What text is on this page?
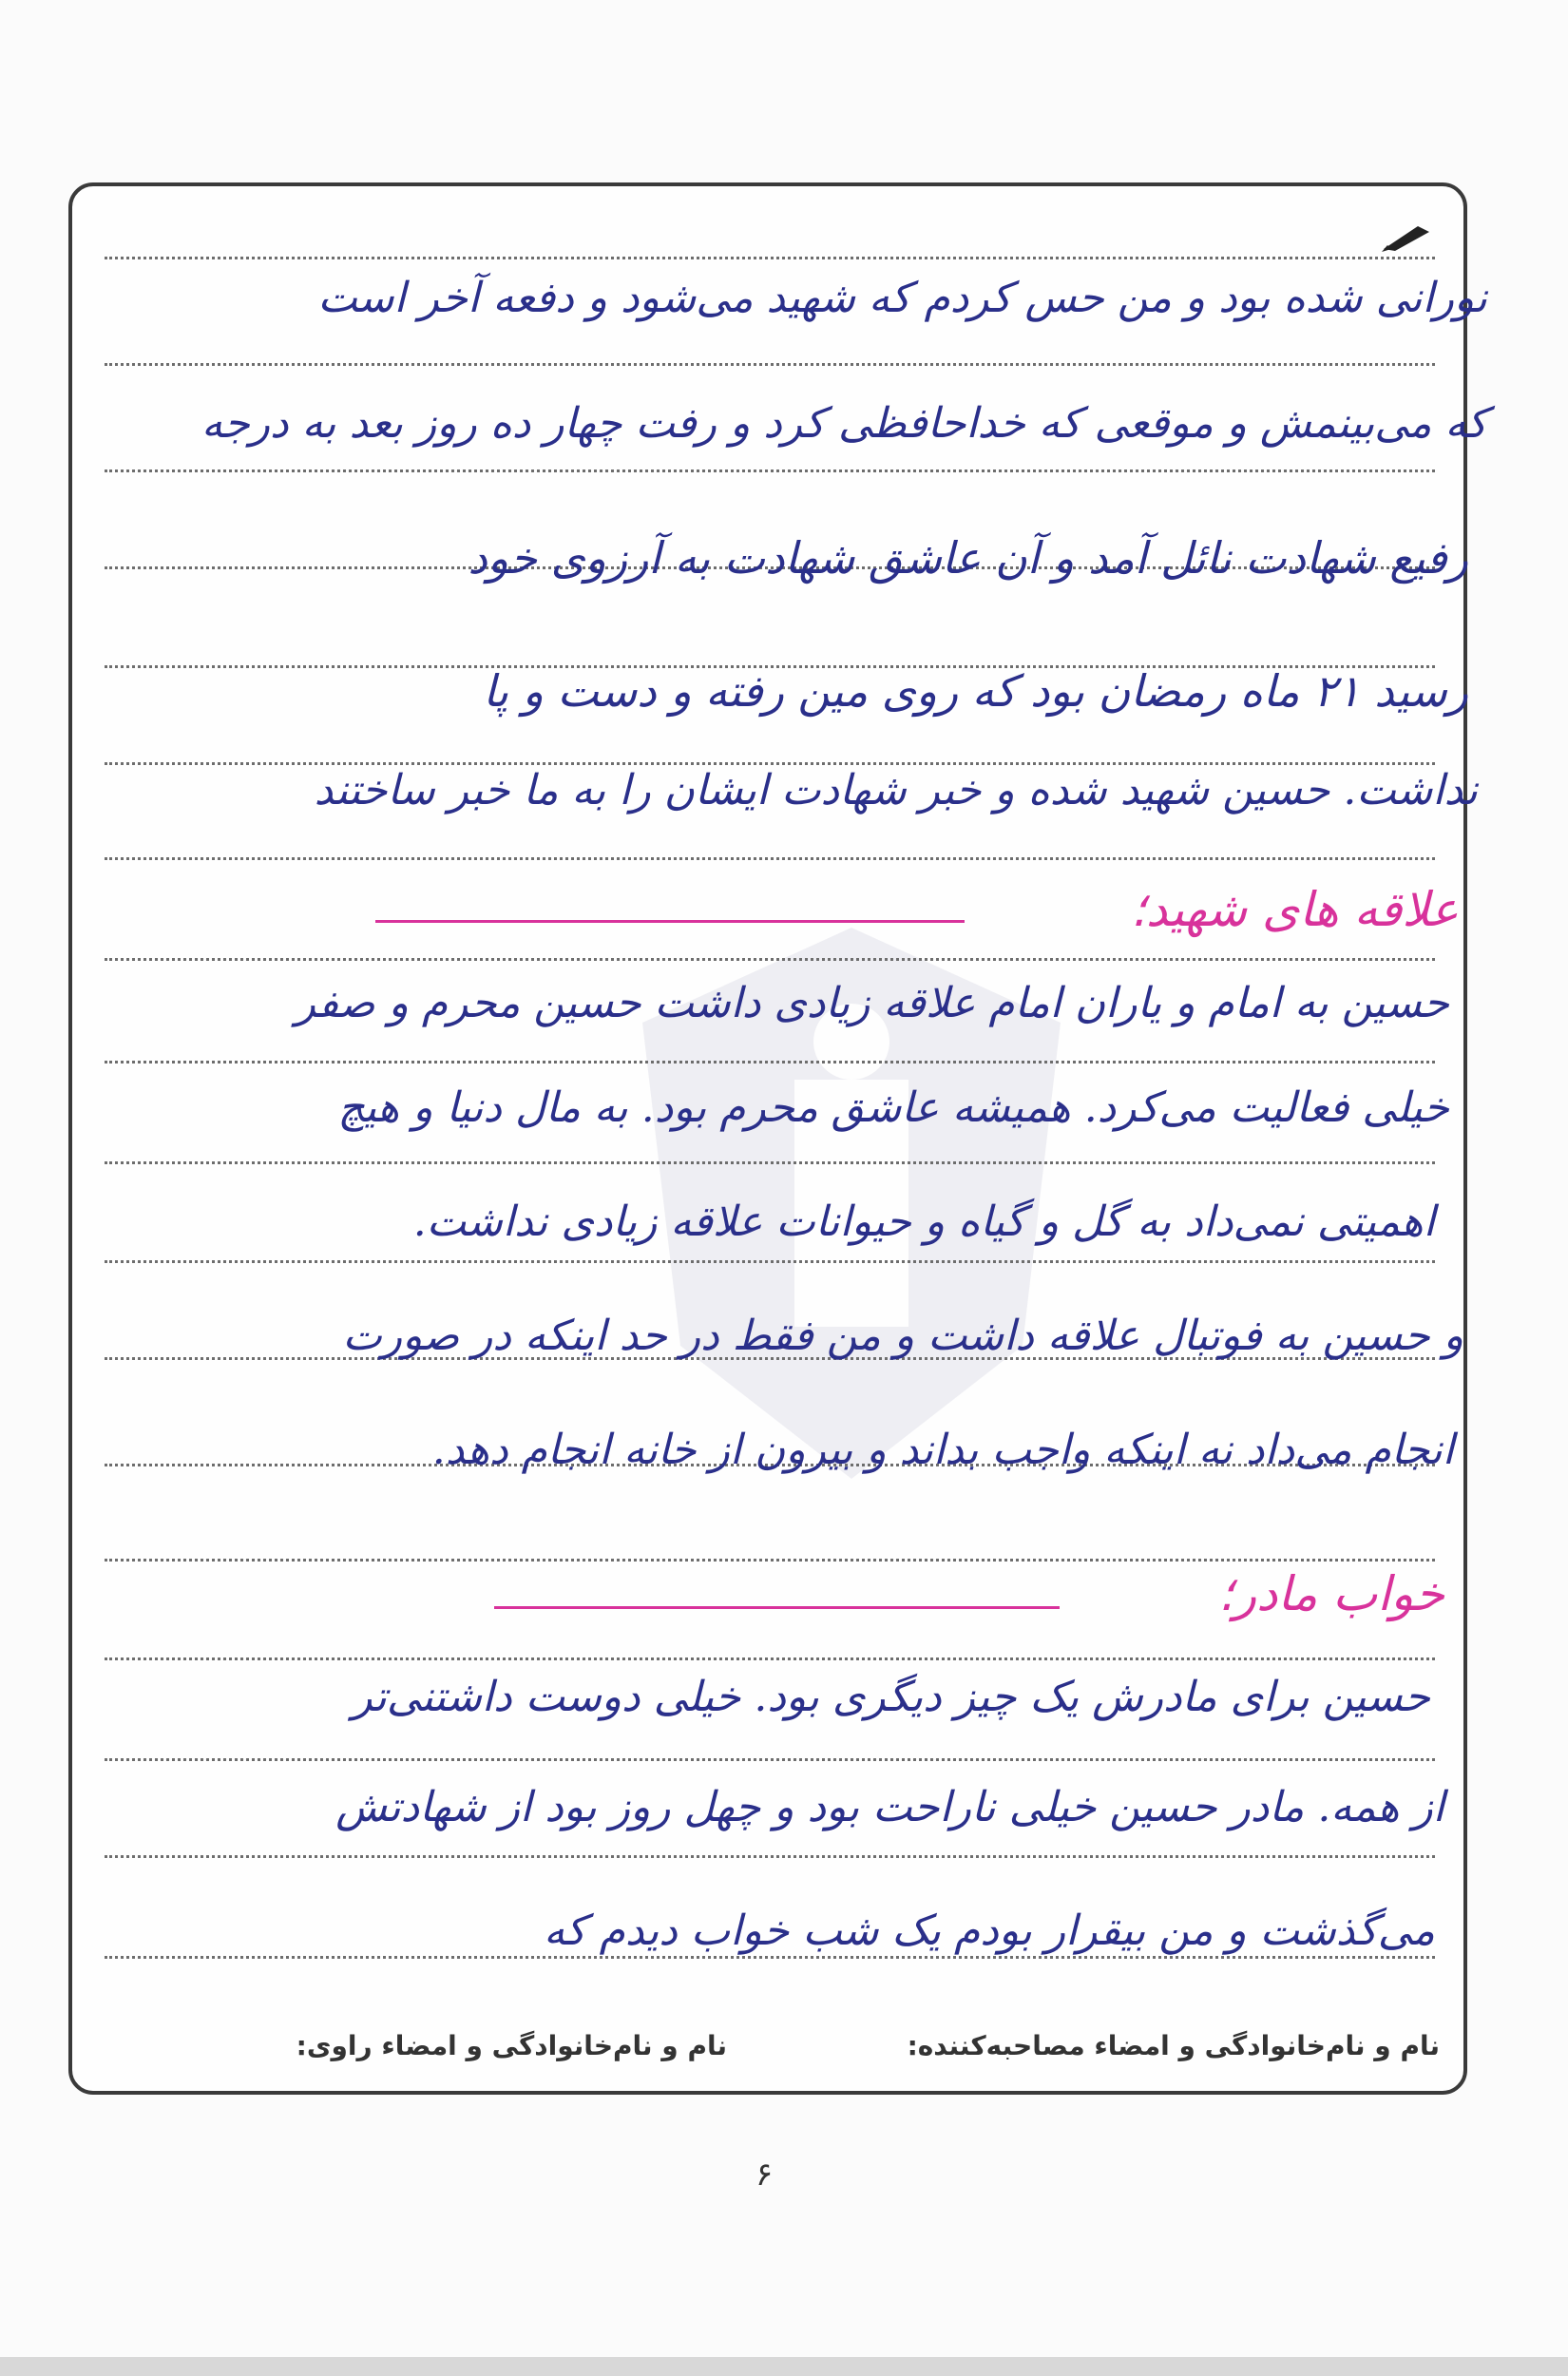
نورانی شده بود و من حس کردم که شهید می‌شود و دفعه آخر است
که می‌بینمش و موقعی که خداحافظی کرد و رفت چهار ده روز بعد به درجه
رفیع شهادت نائل آمد و آن عاشق شهادت به آرزوی خود
رسید ۲۱ ماه رمضان بود که روی مین رفته و دست و پا
نداشت. حسین شهید شده و خبر شهادت ایشان را به ما خبر ساختند
علاقه های شهید؛
حسین به امام و یاران امام علاقه زیادی داشت حسین محرم و صفر
خیلی فعالیت می‌کرد. همیشه عاشق محرم بود. به مال دنیا و هیچ
اهمیتی نمی‌داد به گل و گیاه و حیوانات علاقه زیادی نداشت.
و حسین به فوتبال علاقه داشت و من فقط در حد اینکه در صورت
انجام می‌داد نه اینکه واجب بداند و بیرون از خانه انجام دهد.
خواب مادر؛
حسین برای مادرش یک چیز دیگری بود. خیلی دوست داشتنی‌تر
از همه. مادر حسین خیلی ناراحت بود و چهل روز بود از شهادتش
می‌گذشت و من بیقرار بودم یک شب خواب دیدم که
نام و نام‌خانوادگی و امضاء مصاحبه‌کننده:
نام و نام‌خانوادگی و امضاء راوی:
۶
